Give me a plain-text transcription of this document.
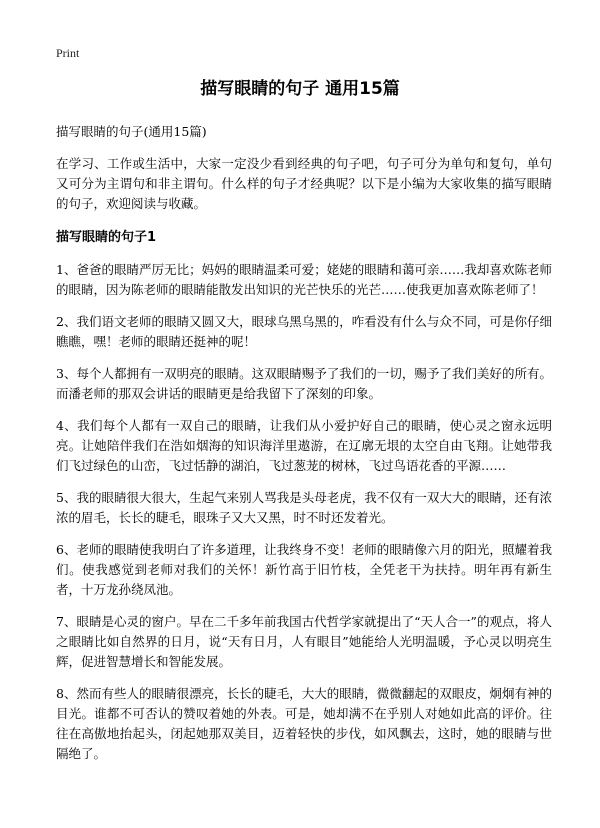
Print
描写眼睛的句子 通用15篇

描写眼睛的句子(通用15篇)

在学习、工作或生活中，大家一定没少看到经典的句子吧，句子可分为单句和复句，单句又可分为主谓句和非主谓句。什么样的句子才经典呢？以下是小编为大家收集的描写眼睛的句子，欢迎阅读与收藏。

描写眼睛的句子1

1、爸爸的眼睛严厉无比；妈妈的眼睛温柔可爱；姥姥的眼睛和蔼可亲……我却喜欢陈老师的眼睛，因为陈老师的眼睛能散发出知识的光芒快乐的光芒……使我更加喜欢陈老师了！

2、我们语文老师的眼睛又圆又大，眼球乌黑乌黑的，咋看没有什么与众不同，可是你仔细瞧瞧，嘿！老师的眼睛还挺神的呢！

3、每个人都拥有一双明亮的眼睛。这双眼睛赐予了我们的一切，赐予了我们美好的所有。而潘老师的那双会讲话的眼睛更是给我留下了深刻的印象。

4、我们每个人都有一双自己的眼睛，让我们从小爱护好自己的眼睛，使心灵之窗永远明亮。让她陪伴我们在浩如烟海的知识海洋里遨游，在辽廓无垠的太空自由飞翔。让她带我们飞过绿色的山峦，飞过恬静的湖泊，飞过葱茏的树林，飞过鸟语花香的平源……

5、我的眼睛很大很大，生起气来别人骂我是头母老虎，我不仅有一双大大的眼睛，还有浓浓的眉毛，长长的睫毛，眼珠子又大又黑，时不时还发着光。

6、老师的眼睛使我明白了许多道理，让我终身不变！老师的眼睛像六月的阳光，照耀着我们。使我感觉到老师对我们的关怀！新竹高于旧竹枝，全凭老干为扶持。明年再有新生者，十万龙孙绕凤池。

7、眼睛是心灵的窗户。早在二千多年前我国古代哲学家就提出了“天人合一”的观点，将人之眼睛比如自然界的日月，说“天有日月，人有眼目”她能给人光明温暖，予心灵以明亮生辉，促进智慧增长和智能发展。

8、然而有些人的眼睛很漂亮，长长的睫毛，大大的眼睛，微微翻起的双眼皮，炯炯有神的目光。谁都不可否认的赞叹着她的外表。可是，她却满不在乎别人对她如此高的评价。往往在高傲地抬起头，闭起她那双美目，迈着轻快的步伐，如风飘去，这时，她的眼睛与世隔绝了。
